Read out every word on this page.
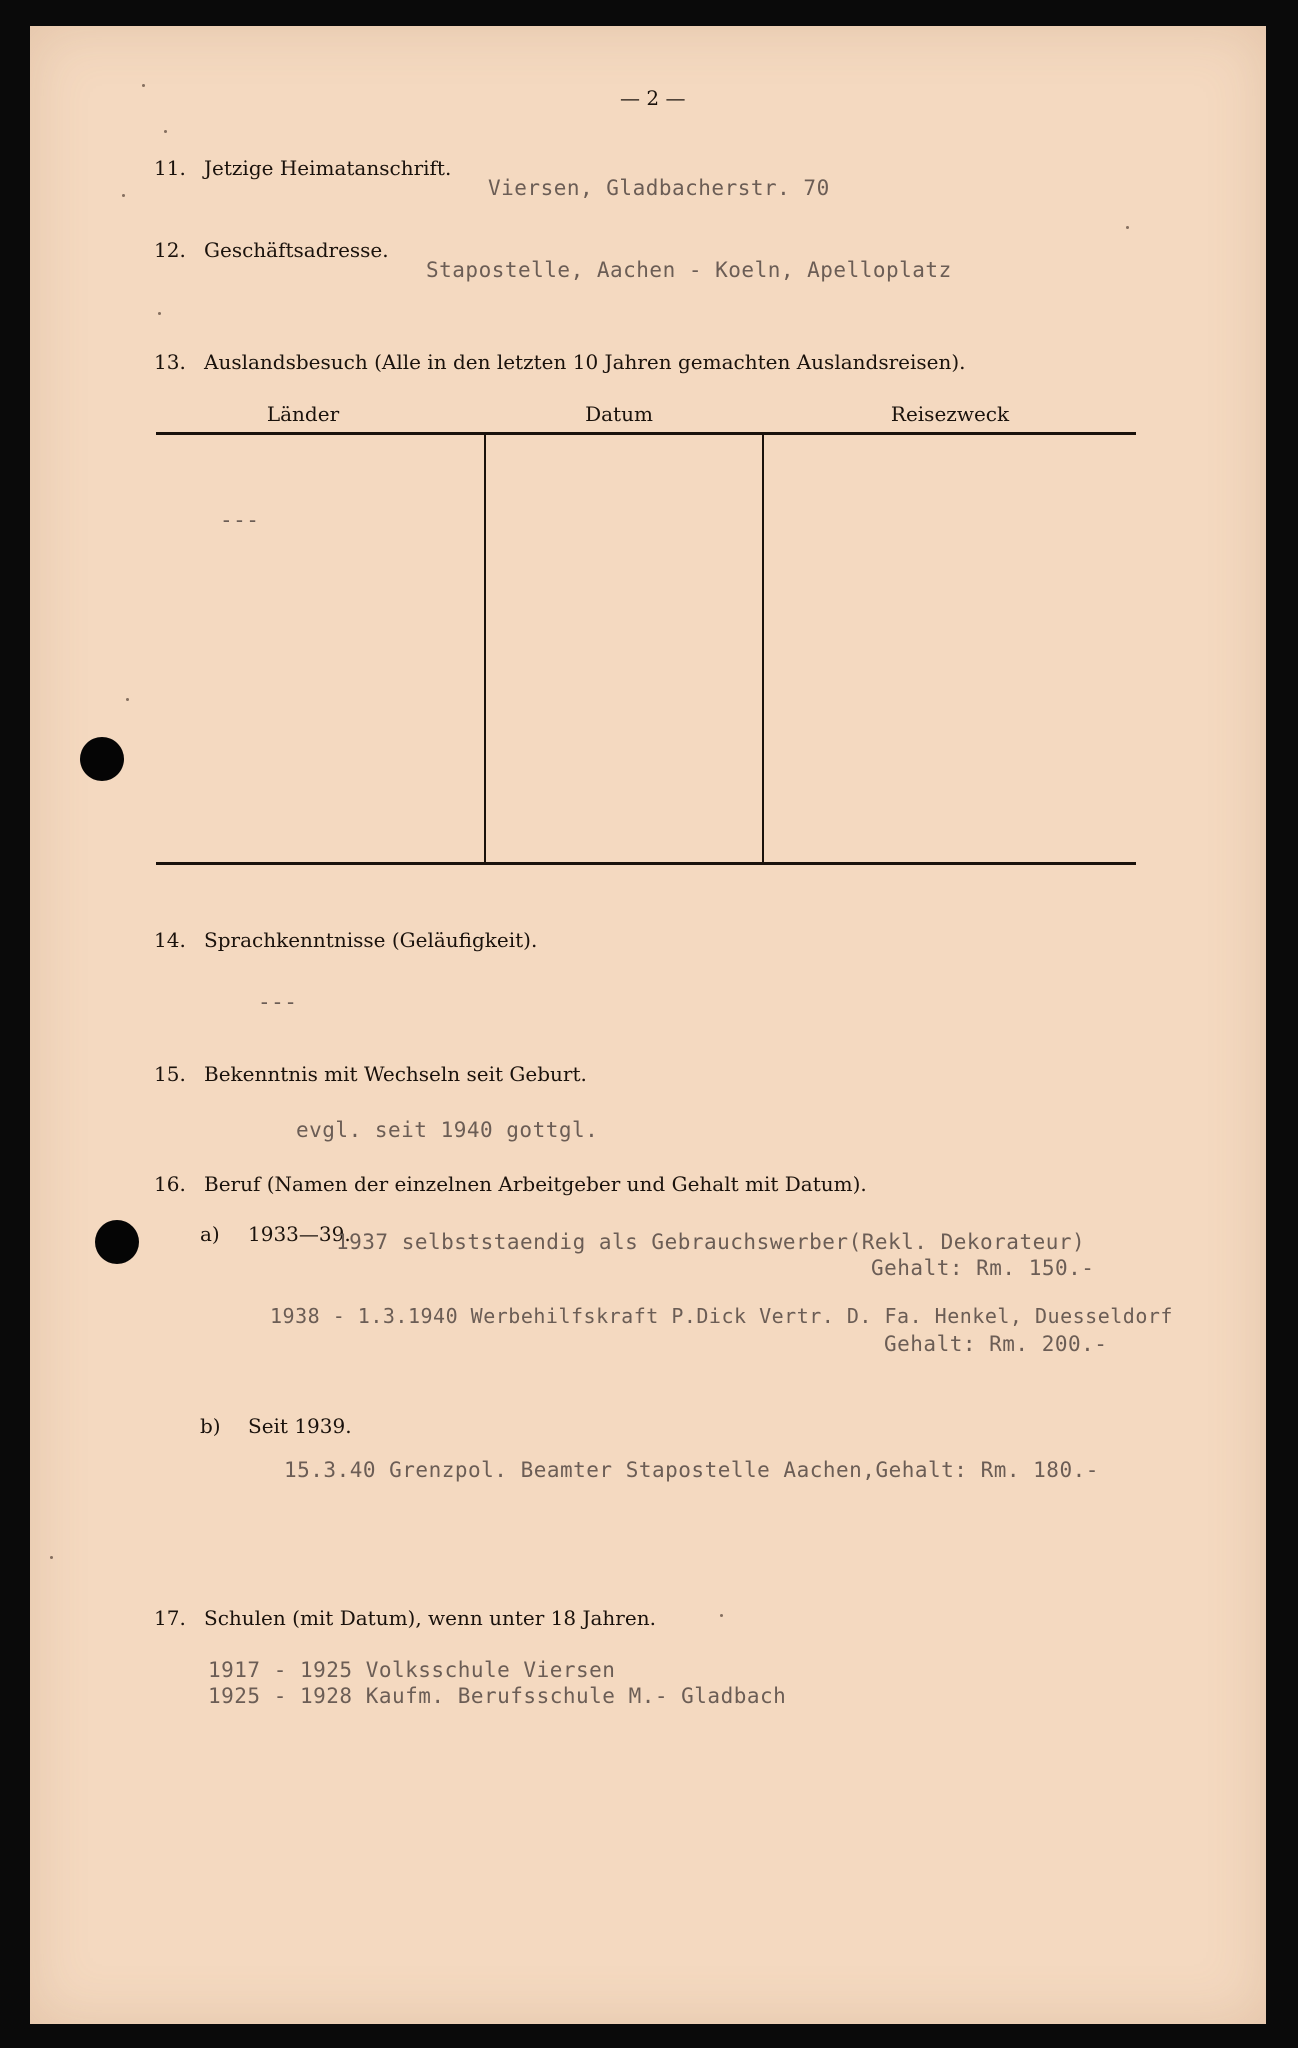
— 2 —
11. Jetzige Heimatanschrift.
Viersen, Gladbacherstr. 70
12. Geschäftsadresse.
Stapostelle, Aachen - Koeln, Apelloplatz
13. Auslandsbesuch (Alle in den letzten 10 Jahren gemachten Auslandsreisen).
Länder	Datum	Reisezweck
---
14. Sprachkenntnisse (Geläufigkeit).
---
15. Bekenntnis mit Wechseln seit Geburt.
evgl. seit 1940 gottgl.
16. Beruf (Namen der einzelnen Arbeitgeber und Gehalt mit Datum).
a) 1933—39.
1937 selbststaendig als Gebrauchswerber(Rekl. Dekorateur)
Gehalt: Rm. 150.-
1938 - 1.3.1940 Werbehilfskraft P.Dick Vertr. D. Fa. Henkel, Duesseldorf
Gehalt: Rm. 200.-
b) Seit 1939.
15.3.40 Grenzpol. Beamter Stapostelle Aachen,Gehalt: Rm. 180.-
17. Schulen (mit Datum), wenn unter 18 Jahren.
1917 - 1925 Volksschule Viersen
1925 - 1928 Kaufm. Berufsschule M.- Gladbach
